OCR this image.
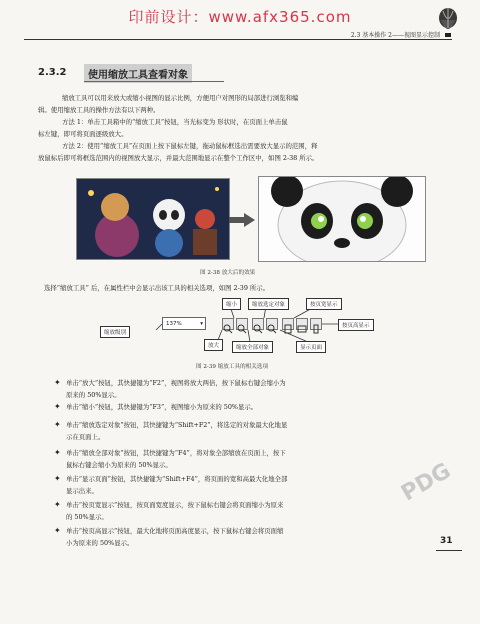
印前设计：www.afx365.com
2.3 基本操作 2——视图显示控制
2.3.2	使用缩放工具查看对象
缩放工具可以用来放大或缩小视图的显示比例，方便用户对图形的局部进行浏览和编
辑。使用缩放工具的操作方法有以下两种。
方法 1：单击工具箱中的“缩放工具”按钮，当光标变为 形状时，在页面上单击鼠
标左键，即可将页面逐级放大。
方法 2：使用“缩放工具”在页面上按下鼠标左键，拖动鼠标框选出需要放大显示的范围，释
放鼠标后即可将框选范围内的视图放大显示，并最大范围地显示在整个工作区中，如图 2-38 所示。
图 2-38 放大后的效果
选择“缩放工具” 后，在属性栏中会显示出该工具的相关选项，如图 2-39 所示。
137%	▾
缩放级别
缩小	缩放选定对象	按页宽显示
按页高显示
放大	缩放全部对象	显示页面
图 2-39 缩放工具的相关选项
✦ 单击“放大”按钮，其快捷键为“F2”，视图将放大两倍，按下鼠标右键会缩小为
原来的 50%显示。
✦ 单击“缩小”按钮，其快捷键为“F3”，视图缩小为原来的 50%显示。
✦ 单击“缩放选定对象”按钮，其快捷键为“Shift+F2”，将选定的对象最大化地显
示在页面上。
✦ 单击“缩放全部对象”按钮，其快捷键为“F4”，将对象全部缩放在页面上，按下
鼠标右键会缩小为原来的 50%显示。
✦ 单击“显示页面”按钮，其快捷键为“Shift+F4”，将页面的宽和高最大化地全部
显示出来。
✦ 单击“按页宽显示”按钮，按页面宽度显示，按下鼠标右键会将页面缩小为原来
的 50%显示。
✦ 单击“按页高显示”按钮，最大化地将页面高度显示，按下鼠标右键会将页面缩
小为原来的 50%显示。
PDG
31
